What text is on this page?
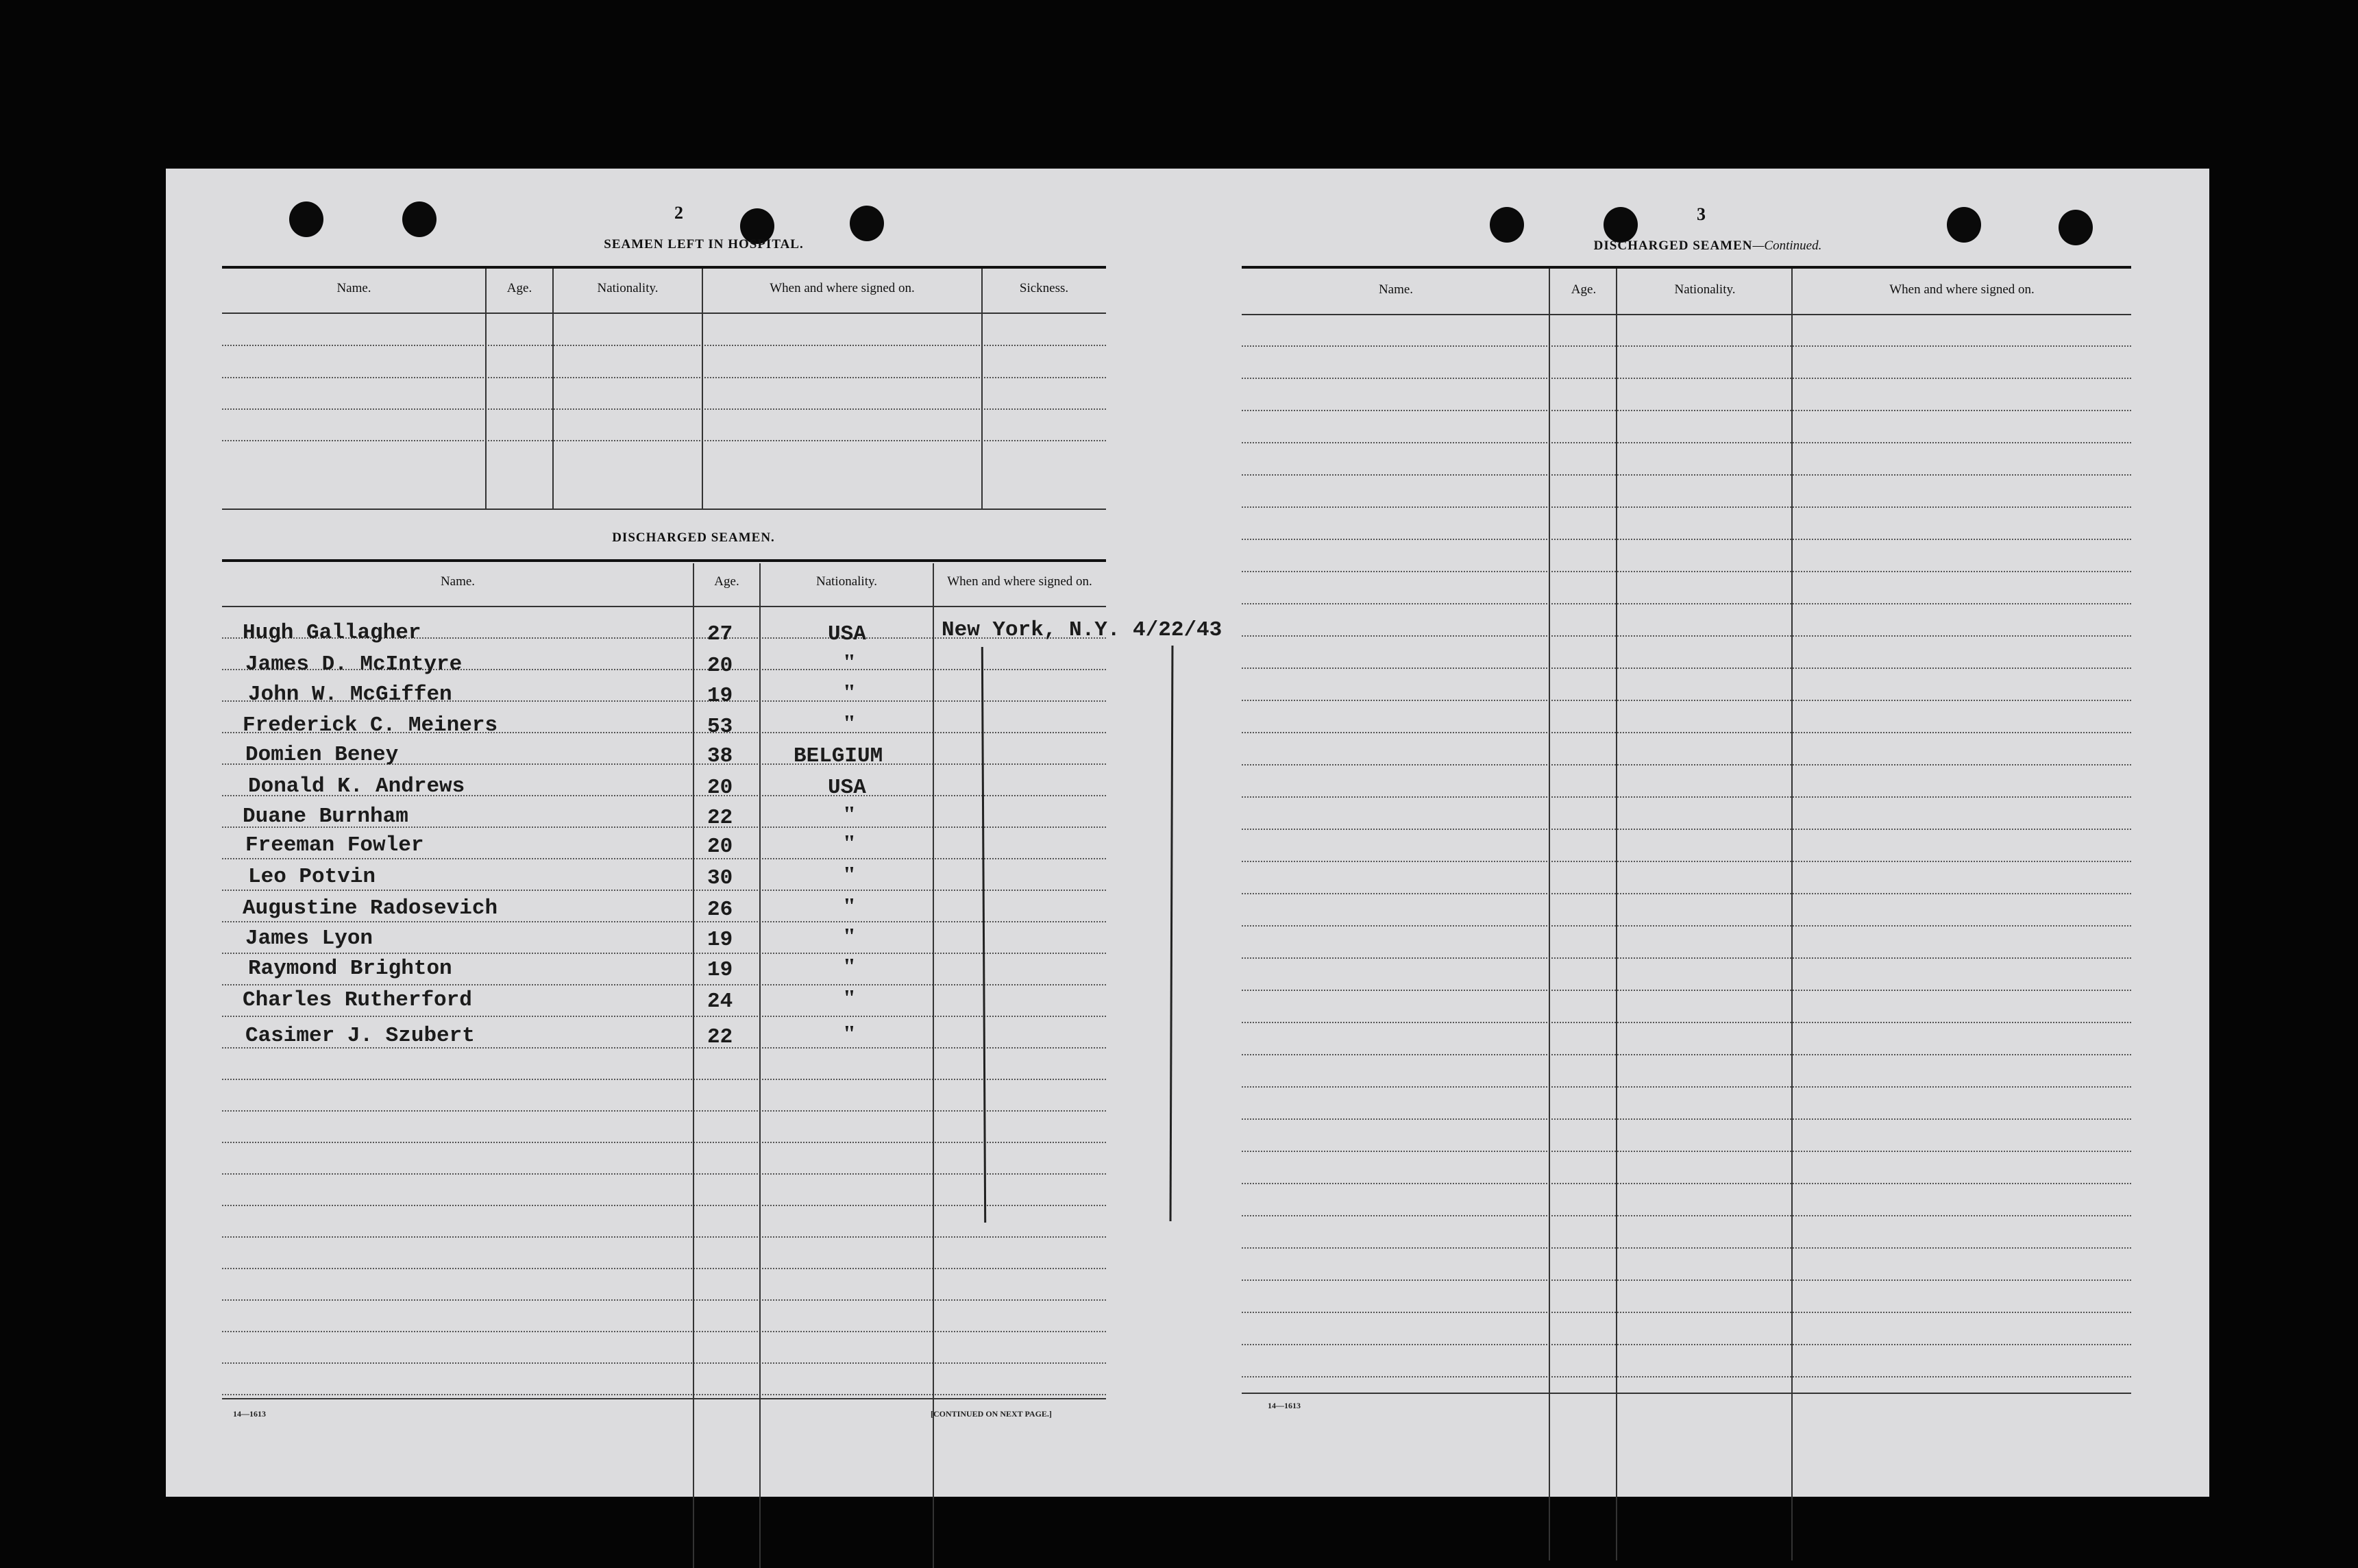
2
SEAMEN LEFT IN HOSPITAL.
Name.	Age.	Nationality.	When and where signed on.	Sickness.
DISCHARGED SEAMEN.
Name.	Age.	Nationality.	When and where signed on.
Hugh Gallagher	27	USA	New York, N.Y. 4/22/43
James D. McIntyre	20	"
John W. McGiffen	19	"
Frederick C. Meiners	53	"
Domien Beney	38	BELGIUM
Donald K. Andrews	20	USA
Duane Burnham	22	"
Freeman Fowler	20	"
Leo Potvin	30	"
Augustine Radosevich	26	"
James Lyon	19	"
Raymond Brighton	19	"
Charles Rutherford	24	"
Casimer J. Szubert	22	"
14—1613	[CONTINUED ON NEXT PAGE.]
3
DISCHARGED SEAMEN—Continued.
Name.	Age.	Nationality.	When and where signed on.
14—1613
